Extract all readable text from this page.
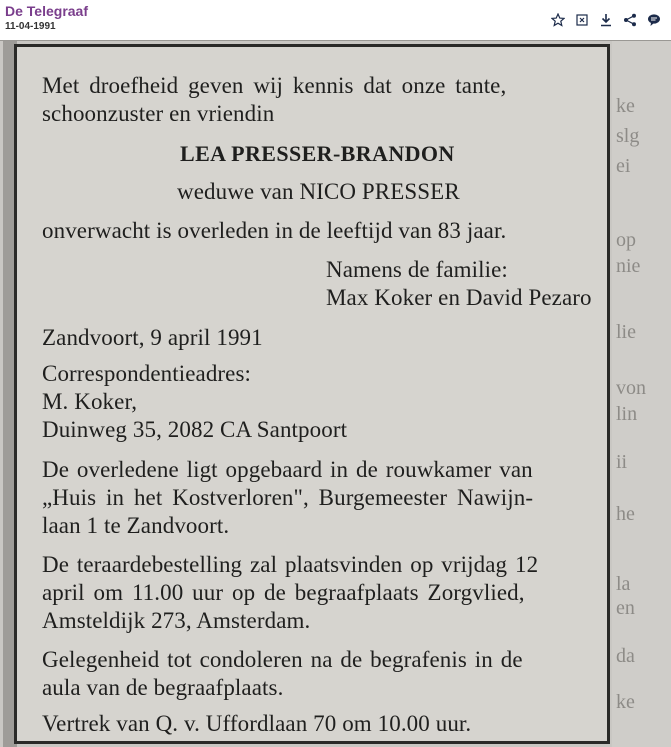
De Telegraaf
11-04-1991
Met droefheid geven wij kennis dat onze tante,
schoonzuster en vriendin
LEA PRESSER-BRANDON
weduwe van NICO PRESSER
onverwacht is overleden in de leeftijd van 83 jaar.
Namens de familie:
Max Koker en David Pezaro
Zandvoort, 9 april 1991
Correspondentieadres:
M. Koker,
Duinweg 35, 2082 CA Santpoort
De overledene ligt opgebaard in de rouwkamer van
„Huis in het Kostverloren", Burgemeester Nawijn-
laan 1 te Zandvoort.
De teraardebestelling zal plaatsvinden op vrijdag 12
april om 11.00 uur op de begraafplaats Zorgvlied,
Amsteldijk 273, Amsterdam.
Gelegenheid tot condoleren na de begrafenis in de
aula van de begraafplaats.
Vertrek van Q. v. Uffordlaan 70 om 10.00 uur.
ke
slg
ei
op
nie
lie
von
lin
ii
he
la
en
da
ke
